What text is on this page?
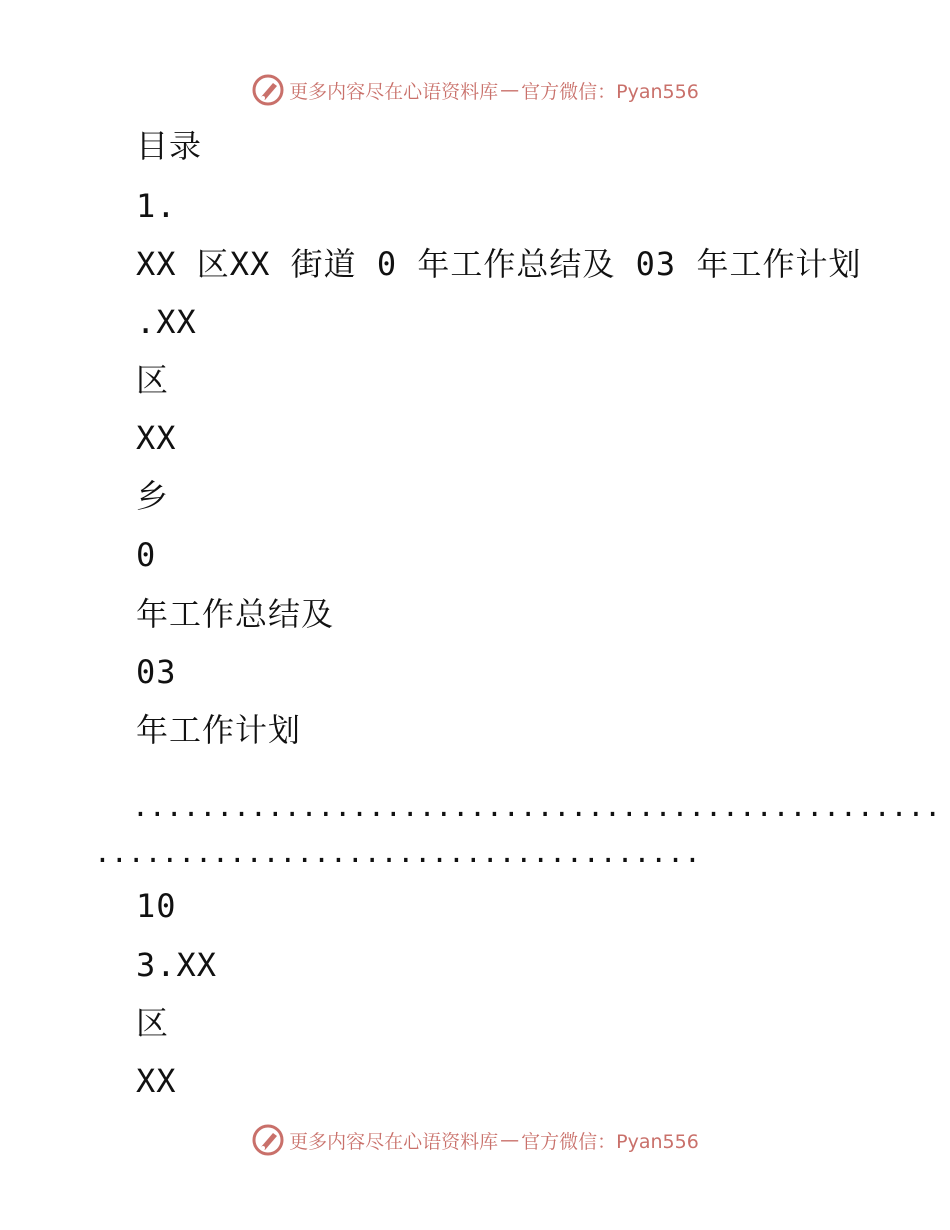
更多内容尽在心语资料库 — 官方微信：Pyan556
目录
1.
XX 区XX 街道 0 年工作总结及 03 年工作计划
.XX
区
XX
乡
0
年工作总结及
03
年工作计划
................................................
....................................
10
3.XX
区
XX
更多内容尽在心语资料库 — 官方微信：Pyan556
